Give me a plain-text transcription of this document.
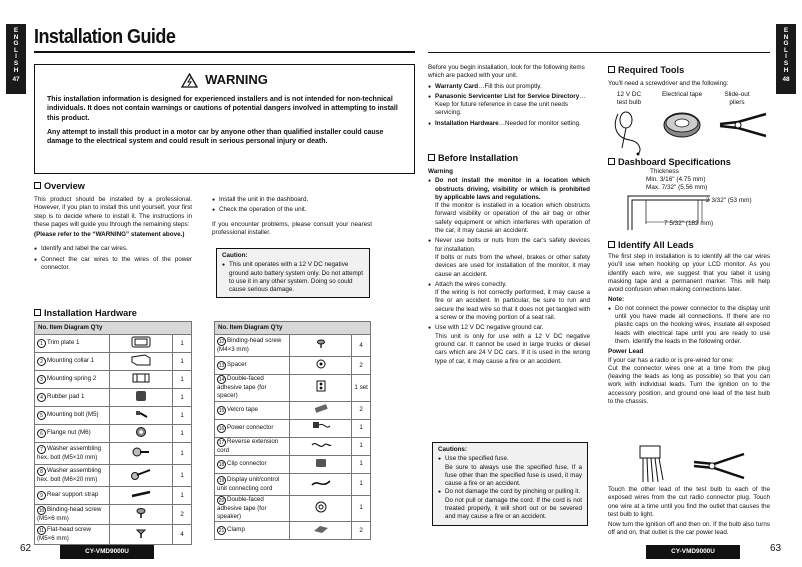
E
N
G
L
I
S
H
47
E
N
G
L
I
S
H
48
Installation Guide
WARNING

This installation information is designed for experienced installers and is not intended for non-technical individuals. It does not contain warnings or cautions of potential dangers involved in attempting to install this product.

Any attempt to install this product in a motor car by anyone other than qualified installer could cause damage to the electrical system and could result in serious personal injury or death.

Overview

This product should be installed by a professional. However, if you plan to install this unit yourself, your first step is to decide where to install it. The instructions in these pages will guide you through the remaining steps:

(Please refer to the “WARNING” statement above.)

● Identify and label the car wires.

● Connect the car wires to the wires of the power connector.

● Install the unit in the dashboard.

● Check the operation of the unit.

If you encounter problems, please consult your nearest professional installer.

Caution:
● This unit operates with a 12 V DC negative ground auto battery system only. Do not attempt to use it in any other system. Doing so could cause serious damage.
Installation Hardware
No. Item Diagram Q'ty		
1 Trim plate 1		1
2 Mounting collar 1		1
3 Mounting spring 2		1
4 Rubber pad 1		1
5 Mounting bolt (M5)		1
6 Flange nut (M6)		1
7 Washer assembling hex. bolt (M5×10 mm)		1
8 Washer assembling hex. bolt (M6×20 mm)		1
9 Rear support strap		1
10 Binding-head screw (M5×6 mm)		2
11 Flat-head screw (M5×6 mm)		4
No. Item Diagram Q'ty		
12 Binding-head screw (M4×3 mm)		4
13 Spacer		2
14 Double-faced adhesive tape (for spacer)		1 set
15 Velcro tape		2
16 Power connector		1
17 Reverse extension cord		1
18 Clip connector		1
19 Display unit/control unit connecting cord		1
20 Double-faced adhesive tape (for speaker)		1
21 Clamp		2

Before you begin installation, look for the following items which are packed with your unit.

● Warranty Card…Fill this out promptly.

● Panasonic Servicenter List for Service Directory…Keep for future reference in case the unit needs servicing.

● Installation Hardware…Needed for monitor setting.

Before Installation

Warning

● Do not install the monitor in a location which obstructs driving, visibility or which is prohibited by applicable laws and regulations.

If the monitor is installed in a location which obstructs forward visibility or operation of the air bag or other safety equipment or which interferes with operation of the car, it may cause an accident.

● Never use bolts or nuts from the car's safety devices for installation.

If bolts or nuts from the wheel, brakes or other safety devices are used for installation of the monitor, it may cause an accident.

● Attach the wires correctly.

If the wiring is not correctly performed, it may cause a fire or an accident. In particular, be sure to run and secure the lead wire so that it does not get tangled with a screw or the moving portion of a seat rail.

● Use with 12 V DC negative ground car.

This unit is only for use with a 12 V DC negative ground car. It cannot be used in large trucks or diesel cars which are 24 V DC cars. If it is used in the wrong type of car, it may cause a fire or an accident.

Cautions:
● Use the specified fuse.
Be sure to always use the specified fuse. If a fuse other than the specified fuse is used, it may cause a fire or an accident.
● Do not damage the cord by pinching or pulling it.
Do not pull or damage the cord. If the cord is not treated properly, it will short out or be severed and may cause a fire or an accident.
Required Tools
You'll need a screwdriver and the following:
12 V DC test bulb
Electrical tape	Slide-out pliers
Dashboard Specifications
Thickness
Min. 3/16" (4.75 mm)
Max. 7/32" (5.56 mm)
2 3/32" (53 mm)
7 5/32" (182 mm)
Identify All Leads

The first step in installation is to identify all the car wires you'll use when hooking up your LCD monitor. As you identify each wire, we suggest that you label it using masking tape and a permanent marker. This will help avoid confusion when making connections later.

Note:

● Do not connect the power connector to the display unit until you have made all connections. If there are no plastic caps on the hooking wires, insulate all exposed leads with electrical tape until you are ready to use them. Identify the leads in the following order.

Power Lead

If your car has a radio or is pre-wired for one:

Cut the connector wires one at a time from the plug (leaving the leads as long as possible) so that you can work with individual leads. Turn the ignition on to the accessory position, and ground one lead of the test bulb to the chassis.

Touch the other lead of the test bulb to each of the exposed wires from the cut radio connector plug. Touch one wire at a time until you find the outlet that causes the test bulb to light.

Now turn the ignition off and then on. If the bulb also turns off and on, that outlet is the car power lead.

62	CY-VMD9000U	CY-VMD9000U	63
